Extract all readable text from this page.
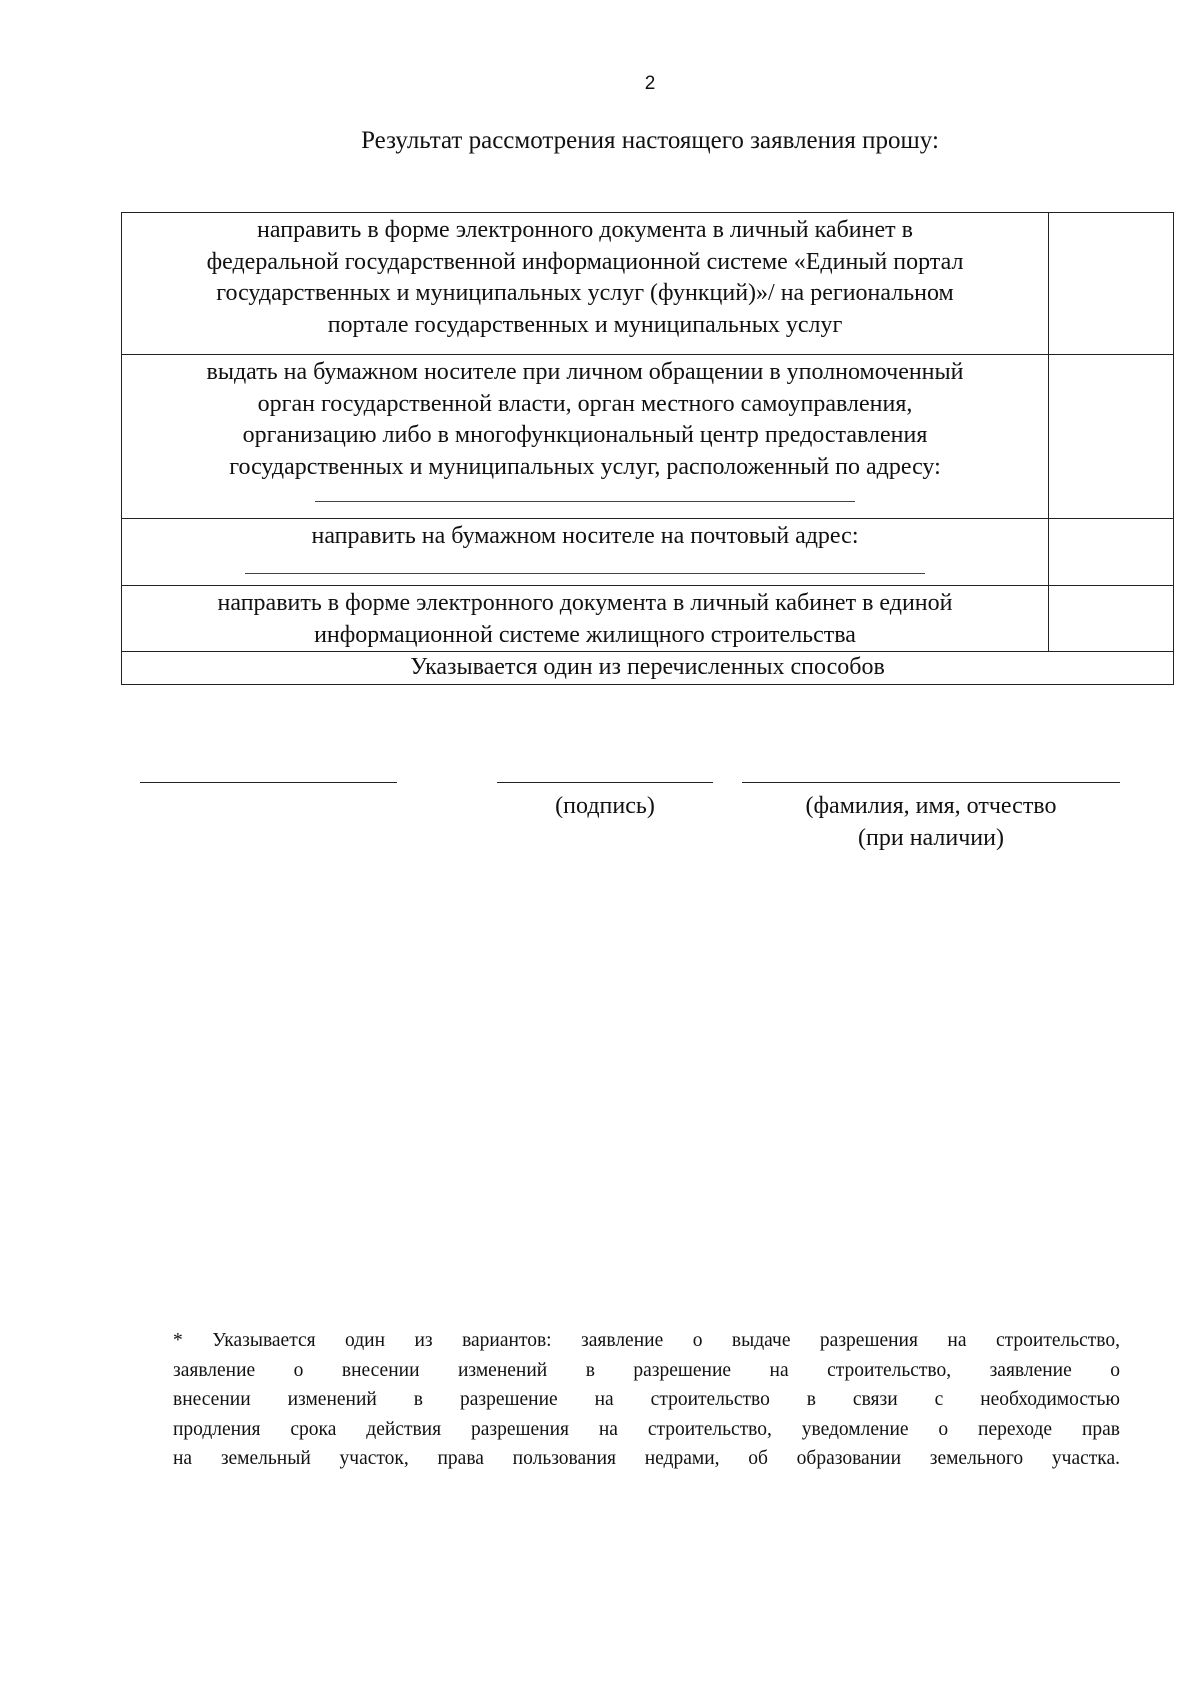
2
Результат рассмотрения настоящего заявления прошу:
направить в форме электронного документа в личный кабинет в
федеральной государственной информационной системе «Единый портал
государственных и муниципальных услуг (функций)»/ на региональном
портале государственных и муниципальных услуг	

выдать на бумажном носителе при личном обращении в уполномоченный
орган государственной власти, орган местного самоуправления,
организацию либо в многофункциональный центр предоставления
государственных и муниципальных услуг, расположенный по адресу:	

направить на бумажном носителе на почтовый адрес:	

направить в форме электронного документа в личный кабинет в единой
информационной системе жилищного строительства	

Указывается один из перечисленных способов	
(подпись)	(фамилия, имя, отчество
(при наличии)
* Указывается один из вариантов: заявление о выдаче разрешения на строительство,
заявление о внесении изменений в разрешение на строительство, заявление о
внесении изменений в разрешение на строительство в связи с необходимостью
продления срока действия разрешения на строительство, уведомление о переходе прав
на земельный участок, права пользования недрами, об образовании земельного участка.
